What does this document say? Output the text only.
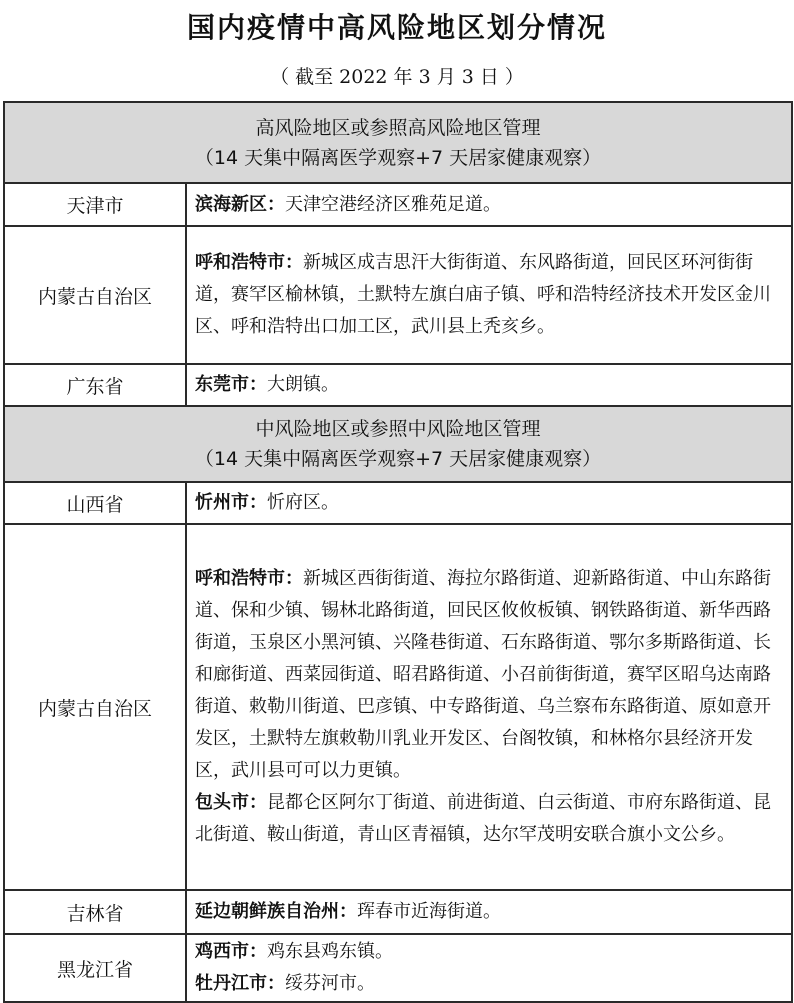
国内疫情中高风险地区划分情况
（ 截至 2022 年 3 月 3 日 ）
高风险地区或参照高风险地区管理
（14 天集中隔离医学观察+7 天居家健康观察）	

天津市	滨海新区：天津空港经济区雅苑足道。
内蒙古自治区	呼和浩特市：新城区成吉思汗大街街道、东风路街道，回民区环河街街道，赛罕区榆林镇，土默特左旗白庙子镇、呼和浩特经济技术开发区金川区、呼和浩特出口加工区，武川县上秃亥乡。
广东省	东莞市：大朗镇。

中风险地区或参照中风险地区管理
（14 天集中隔离医学观察+7 天居家健康观察）	

山西省	忻州市：忻府区。
内蒙古自治区	呼和浩特市：新城区西街街道、海拉尔路街道、迎新路街道、中山东路街道、保和少镇、锡林北路街道，回民区攸攸板镇、钢铁路街道、新华西路街道，玉泉区小黑河镇、兴隆巷街道、石东路街道、鄂尔多斯路街道、长和廊街道、西菜园街道、昭君路街道、小召前街街道，赛罕区昭乌达南路街道、敕勒川街道、巴彦镇、中专路街道、乌兰察布东路街道、原如意开发区，土默特左旗敕勒川乳业开发区、台阁牧镇，和林格尔县经济开发区，武川县可可以力更镇。
包头市：昆都仑区阿尔丁街道、前进街道、白云街道、市府东路街道、昆北街道、鞍山街道，青山区青福镇，达尔罕茂明安联合旗小文公乡。
吉林省	延边朝鲜族自治州：珲春市近海街道。
黑龙江省	鸡西市：鸡东县鸡东镇。
牡丹江市：绥芬河市。
